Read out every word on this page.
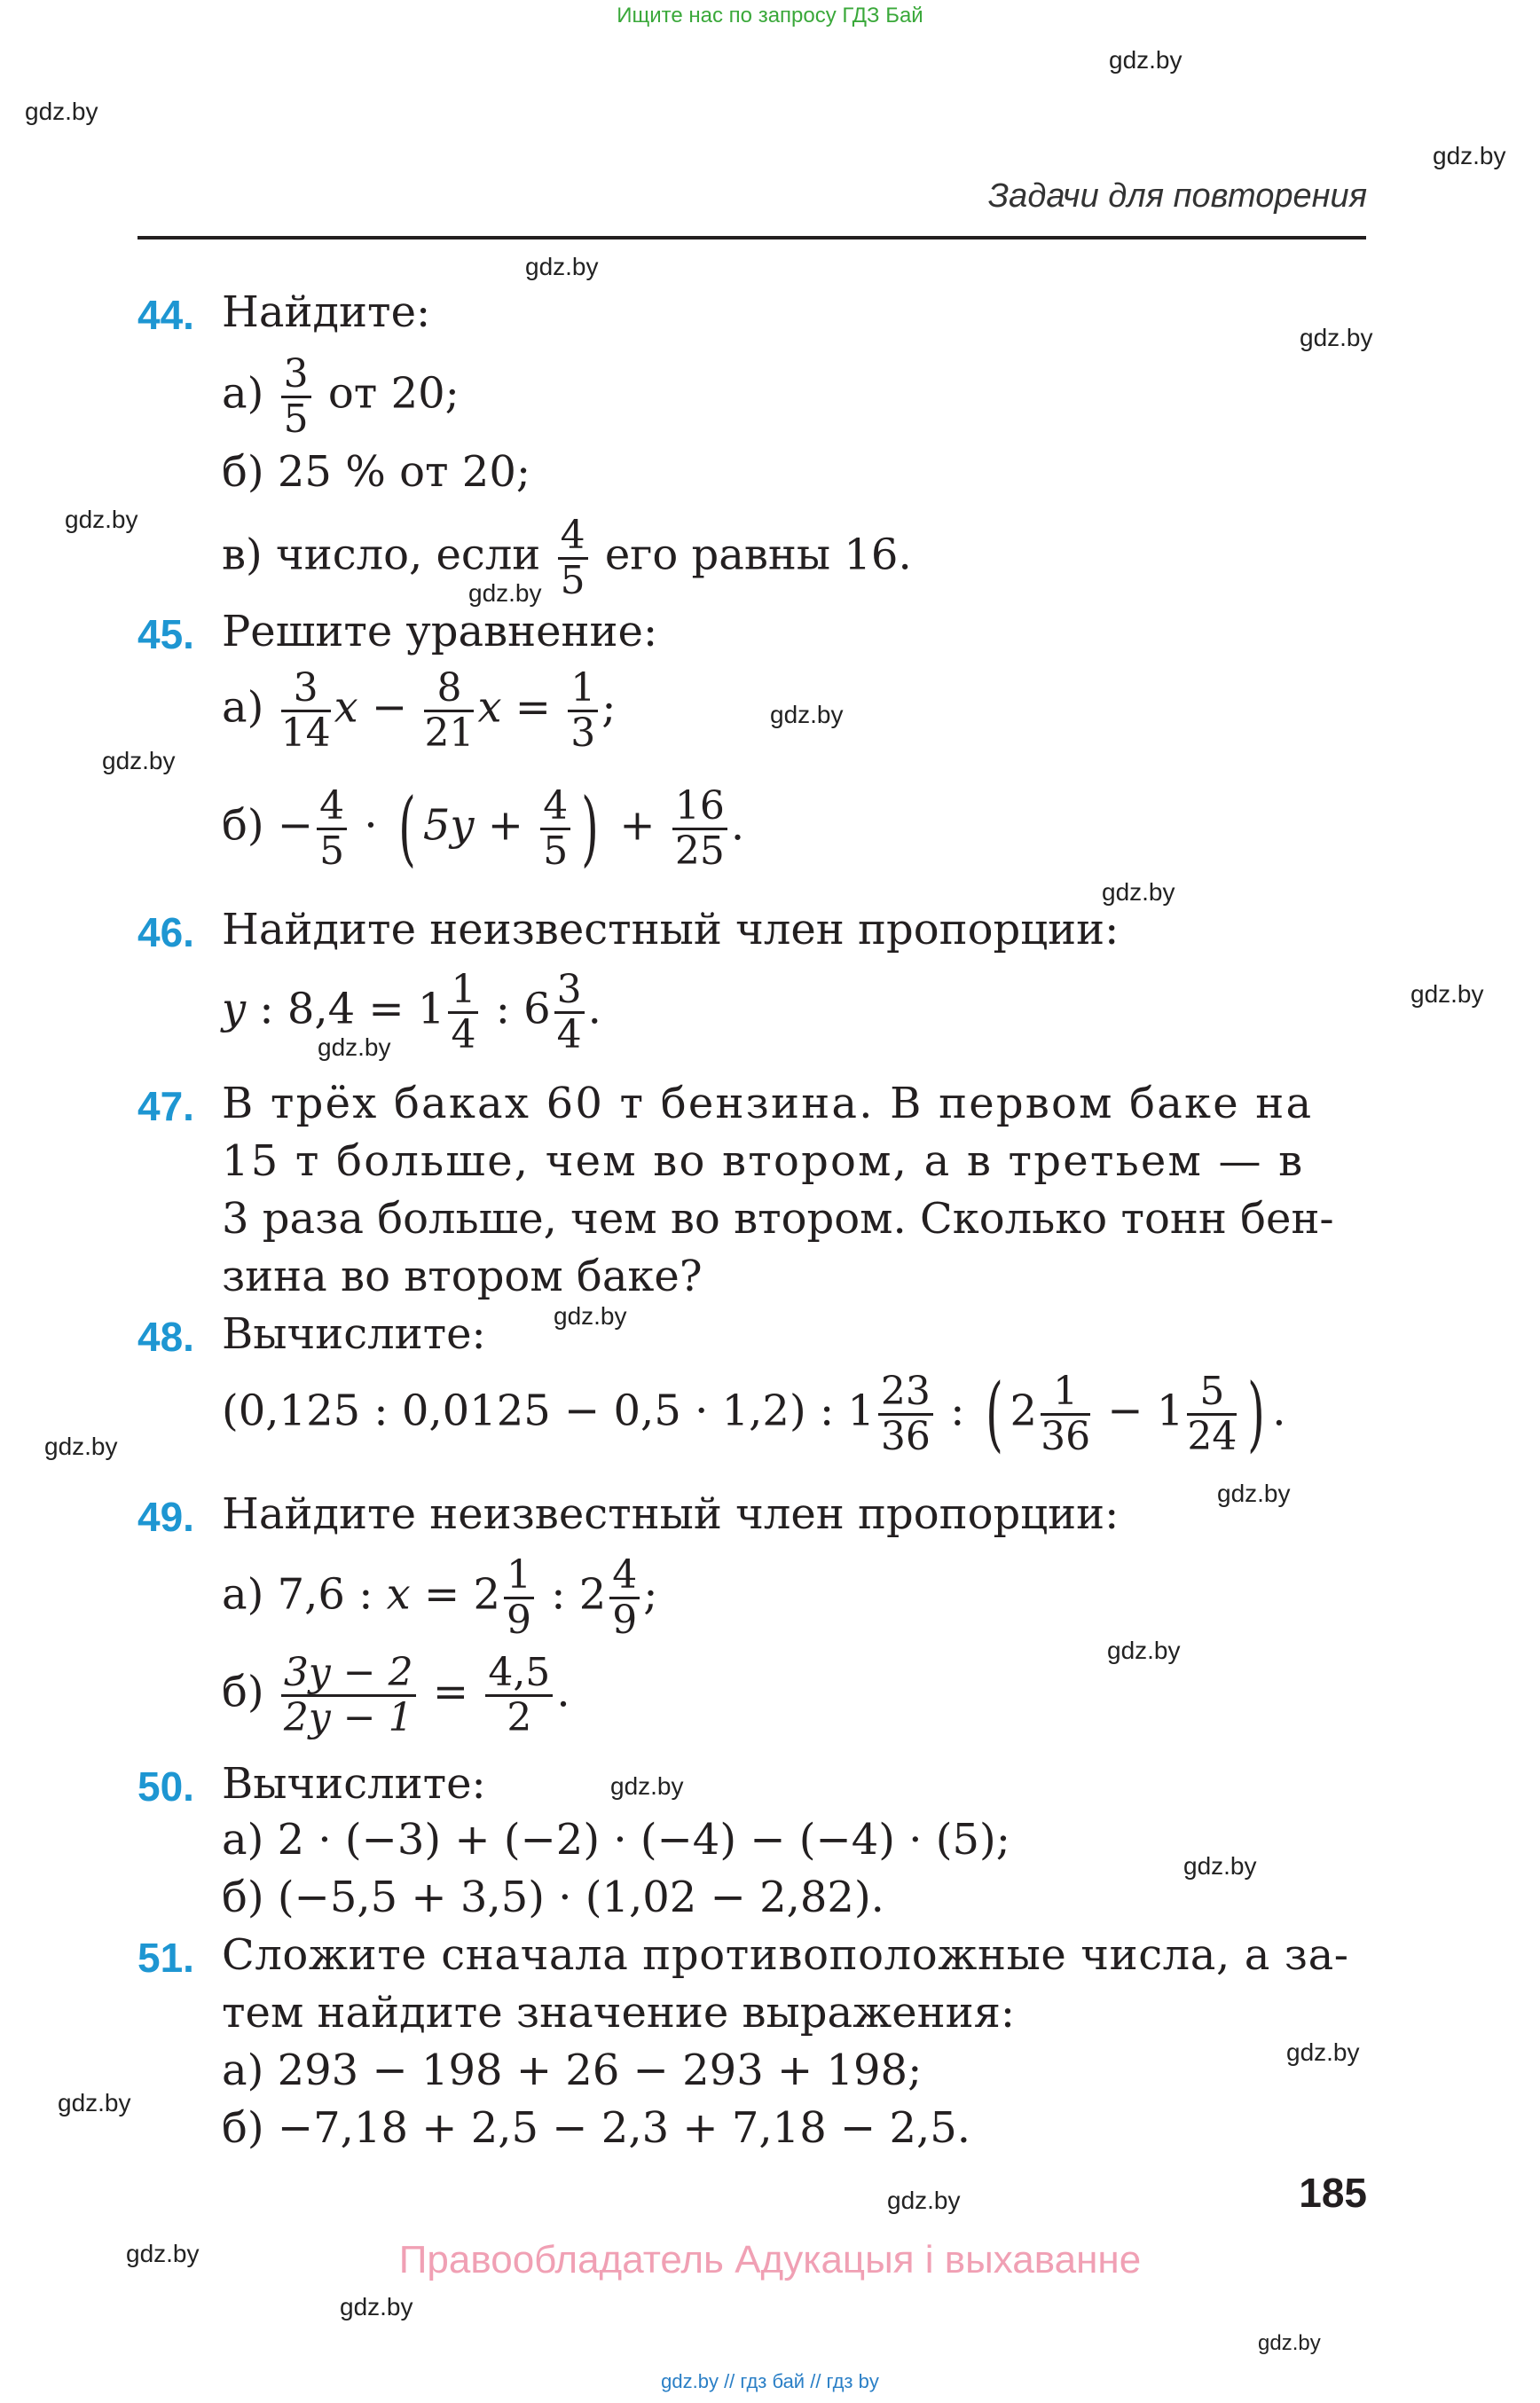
Ищите нас по запросу ГДЗ Бай
gdz.by
gdz.by
gdz.by
gdz.by
gdz.by
gdz.by
gdz.by
gdz.by
gdz.by
gdz.by
gdz.by
gdz.by
gdz.by
gdz.by
gdz.by
gdz.by
gdz.by
gdz.by
gdz.by
gdz.by
gdz.by
gdz.by
gdz.by
gdz.by
Задачи для повторения
44. Найдите:
$а) \frac{3}{5}$ от 20;
б) 25 % от 20;
в) число, если $\frac{4}{5}$ его равны 16.
45. Решите уравнение:
$а) \frac{3}{14}$ $x - \frac{8}{21}$ $x = \frac{1}{3}$ ;
$б) - \frac{4}{5}$ · ( $5y + \frac{4}{5}$ ) + $\frac{16}{25}$ .
46. Найдите неизвестный член пропорции:
y : $8,4 = 1 \frac{1}{4}$ : $6 \frac{3}{4}$ .
47. В трёх баках 60 т бензина. В первом баке на
15 т больше, чем во втором, а в третьем — в
3 раза больше, чем во втором. Сколько тонн бен-
зина во втором баке?
48. Вычислите:
(0,125 : 0,0125 − 0,5 · 1,2) : $1 \frac{23}{36}$ : ( $2 \frac{1}{36} - 1 \frac{5}{24}$ ) .
49. Найдите неизвестный член пропорции:
а) 7,6 : $x = 2 \frac{1}{9}$ : $2 \frac{4}{9}$ ;
$б) \frac{3y - 2}{2y - 1} = \frac{4,5}{2}$ .
50. Вычислите:
а) 2 · (−3) + (−2) · (−4) − (−4) · (5);
б) (−5,5 + 3,5) · (1,02 − 2,82).
51. Сложите сначала противоположные числа, а за-
тем найдите значение выражения:
а) 293 − 198 + 26 − 293 + 198;
б) −7,18 + 2,5 − 2,3 + 7,18 − 2,5.
185
Правообладатель Адукацыя і выхаванне
gdz.by // гдз бай // гдз by
